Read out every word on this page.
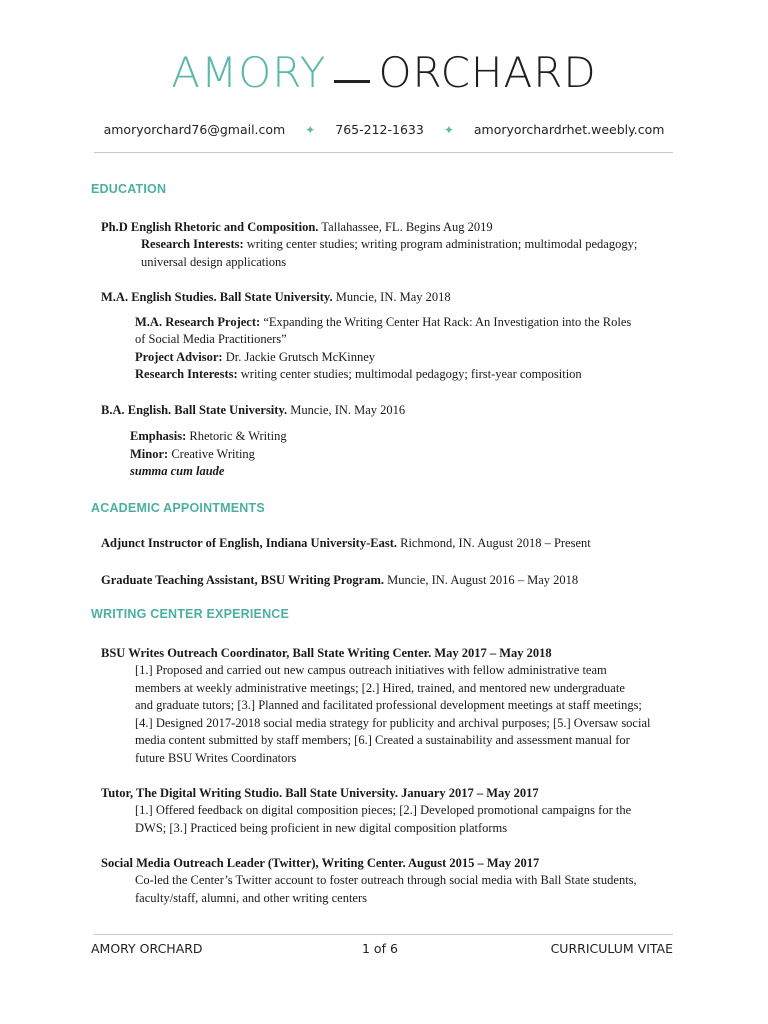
AMORY ORCHARD
amoryorchard76@gmail.com ✦ 765-212-1633 ✦ amoryorchardrhet.weebly.com
EDUCATION
Ph.D English Rhetoric and Composition. Tallahassee, FL. Begins Aug 2019
Research Interests: writing center studies; writing program administration; multimodal pedagogy;
universal design applications
M.A. English Studies. Ball State University. Muncie, IN. May 2018
M.A. Research Project: “Expanding the Writing Center Hat Rack: An Investigation into the Roles
of Social Media Practitioners”
Project Advisor: Dr. Jackie Grutsch McKinney
Research Interests: writing center studies; multimodal pedagogy; first-year composition
B.A. English. Ball State University. Muncie, IN. May 2016
Emphasis: Rhetoric & Writing
Minor: Creative Writing
summa cum laude
ACADEMIC APPOINTMENTS
Adjunct Instructor of English, Indiana University-East. Richmond, IN. August 2018 – Present
Graduate Teaching Assistant, BSU Writing Program. Muncie, IN. August 2016 – May 2018
WRITING CENTER EXPERIENCE
BSU Writes Outreach Coordinator, Ball State Writing Center. May 2017 – May 2018
[1.] Proposed and carried out new campus outreach initiatives with fellow administrative team
members at weekly administrative meetings; [2.] Hired, trained, and mentored new undergraduate
and graduate tutors; [3.] Planned and facilitated professional development meetings at staff meetings;
[4.] Designed 2017-2018 social media strategy for publicity and archival purposes; [5.] Oversaw social
media content submitted by staff members; [6.] Created a sustainability and assessment manual for
future BSU Writes Coordinators
Tutor, The Digital Writing Studio. Ball State University. January 2017 – May 2017
[1.] Offered feedback on digital composition pieces; [2.] Developed promotional campaigns for the
DWS; [3.] Practiced being proficient in new digital composition platforms
Social Media Outreach Leader (Twitter), Writing Center. August 2015 – May 2017
Co-led the Center’s Twitter account to foster outreach through social media with Ball State students,
faculty/staff, alumni, and other writing centers
AMORY ORCHARD	1 of 6	CURRICULUM VITAE
